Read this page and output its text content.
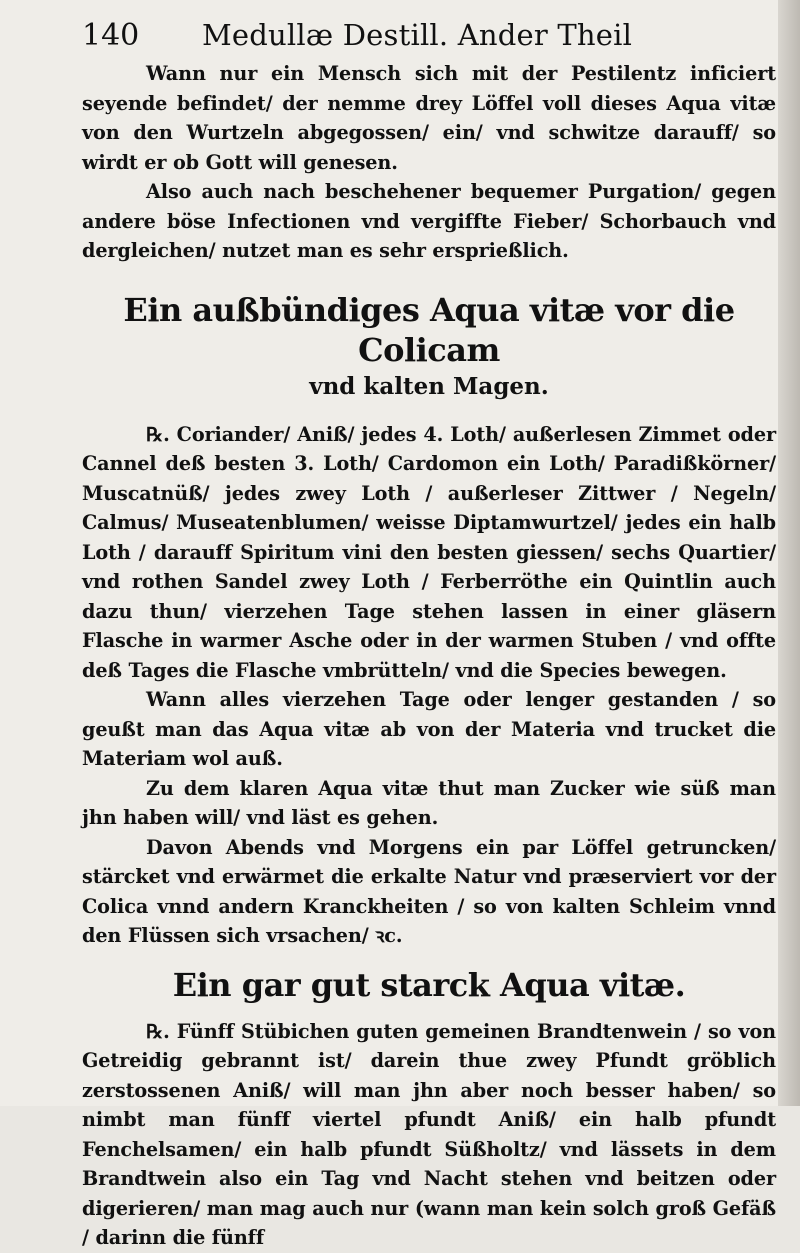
140	Medullæ Destill. Ander Theil

Wann nur ein Mensch sich mit der Pestilentz inficiert seyende befindet/ der nemme drey Löffel voll dieses Aqua vitæ von den Wurtzeln abgegossen/ ein/ vnd schwitze darauff/ so wirdt er ob Gott will genesen.

Also auch nach beschehener bequemer Purgation/ gegen andere böse Infectionen vnd vergiffte Fieber/ Schorbauch vnd dergleichen/ nutzet man es sehr erspriеßlich.

Ein außbündiges Aqua vitæ vor die Colicam
vnd kalten Magen.

℞. Coriander/ Aniß/ jedes 4. Loth/ außerlesen Zimmet oder Cannel deß besten 3. Loth/ Cardomon ein Loth/ Paradißkörner/ Muscatnüß/ jedes zwey Loth / außerleser Zittwer / Negeln/ Calmus/ Museatenblumen/ weisse Diptamwurtzel/ jedes ein halb Loth / darauff Spiritum vini den besten giessen/ sechs Quartier/ vnd rothen Sandel zwey Loth / Ferberröthe ein Quintlin auch dazu thun/ vierzehen Tage stehen lassen in einer gläsern Flasche in warmer Asche oder in der warmen Stuben / vnd offte deß Tages die Flasche vmbrütteln/ vnd die Species bewegen.

Wann alles vierzehen Tage oder lenger gestanden / so geußt man das Aqua vitæ ab von der Materia vnd trucket die Materiam wol auß.

Zu dem klaren Aqua vitæ thut man Zucker wie süß man jhn haben will/ vnd läst es gehen.

Davon Abends vnd Morgens ein par Löffel getruncken/ stärcket vnd erwärmet die erkalte Natur vnd præserviert vor der Colica vnnd andern Kranckheiten / so von kalten Schleim vnnd den Flüssen sich vrsachen/ ꝛc.

Ein gar gut starck Aqua vitæ.

℞. Fünff Stübichen guten gemeinen Brandtenwein / so von Getreidig gebrannt ist/ darein thue zwey Pfundt gröblich zerstossenen Aniß/ will man jhn aber noch besser haben/ so nimbt man fünff viertel pfundt Aniß/ ein halb pfundt Fenchelsamen/ ein halb pfundt Süßholtz/ vnd lässets in dem Brandtwein also ein Tag vnd Nacht stehen vnd beitzen oder digerieren/ man mag auch nur (wann man kein solch groß Gefäß / darinn die fünff
